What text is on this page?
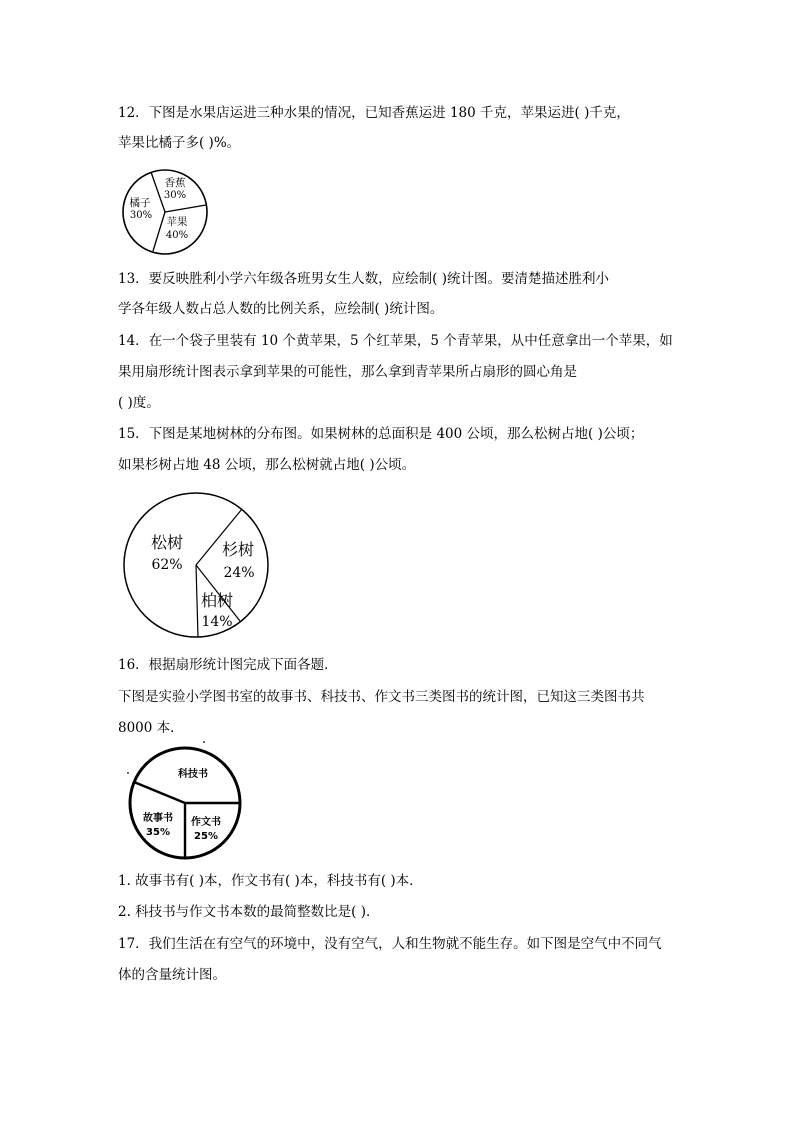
12．下图是水果店运进三种水果的情况，已知香蕉运进 180 千克，苹果运进( )千克，
苹果比橘子多( )%。
香蕉
30%
苹果
40%
橘子
30%
13．要反映胜利小学六年级各班男女生人数，应绘制( )统计图。要清楚描述胜利小
学各年级人数占总人数的比例关系，应绘制( )统计图。
14．在一个袋子里装有 10 个黄苹果，5 个红苹果，5 个青苹果，从中任意拿出一个苹果，如
果用扇形统计图表示拿到苹果的可能性，那么拿到青苹果所占扇形的圆心角是
( )度。
15．下图是某地树林的分布图。如果树林的总面积是 400 公顷，那么松树占地( )公顷；
如果杉树占地 48 公顷，那么松树就占地( )公顷。
松树
62%
杉树
24%
柏树
14%
16．根据扇形统计图完成下面各题．
下图是实验小学图书室的故事书、科技书、作文书三类图书的统计图，已知这三类图书共
8000 本．
科技书
故事书
35%
作文书
25%
1. 故事书有( )本，作文书有( )本，科技书有( )本．
2. 科技书与作文书本数的最简整数比是( )．
17．我们生活在有空气的环境中，没有空气，人和生物就不能生存。如下图是空气中不同气
体的含量统计图。
